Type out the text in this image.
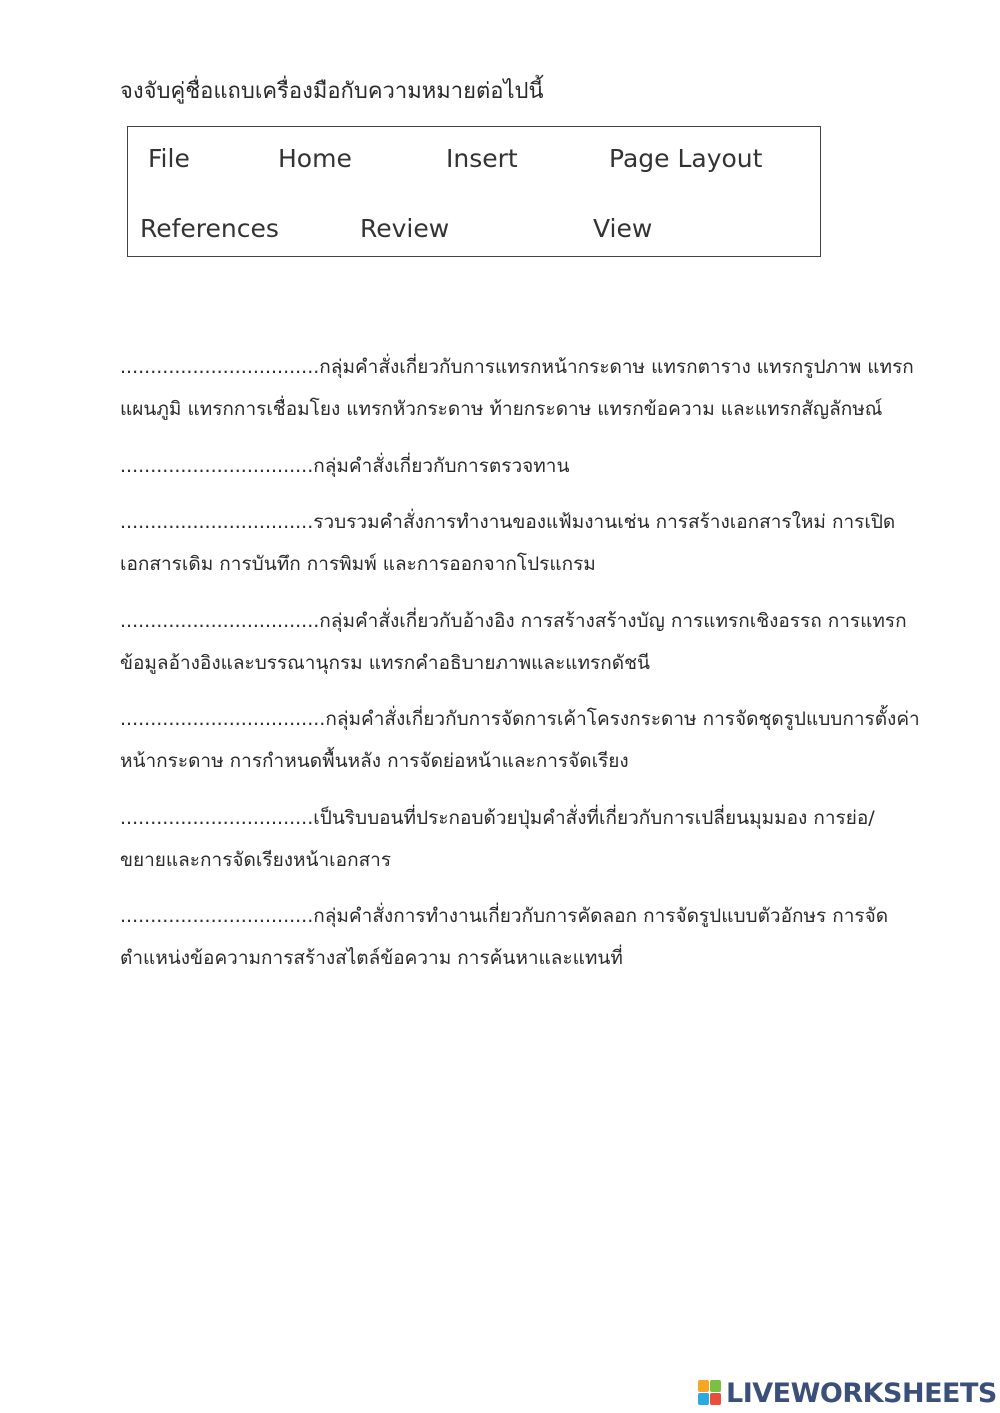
จงจับคู่ชื่อแถบเครื่องมือกับความหมายต่อไปนี้
File	Home	Insert	Page Layout
References	Review	View
.................................กลุ่มคำสั่งเกี่ยวกับการแทรกหน้ากระดาษ แทรกตาราง แทรกรูปภาพ แทรก
แผนภูมิ แทรกการเชื่อมโยง แทรกหัวกระดาษ ท้ายกระดาษ แทรกข้อความ และแทรกสัญลักษณ์
................................กลุ่มคำสั่งเกี่ยวกับการตรวจทาน
................................รวบรวมคำสั่งการทำงานของแฟ้มงานเช่น การสร้างเอกสารใหม่ การเปิด
เอกสารเดิม การบันทึก การพิมพ์ และการออกจากโปรแกรม
.................................กลุ่มคำสั่งเกี่ยวกับอ้างอิง การสร้างสร้างบัญ การแทรกเชิงอรรถ การแทรก
ข้อมูลอ้างอิงและบรรณานุกรม แทรกคำอธิบายภาพและแทรกดัชนี
..................................กลุ่มคำสั่งเกี่ยวกับการจัดการเค้าโครงกระดาษ การจัดชุดรูปแบบการตั้งค่า
หน้ากระดาษ การกำหนดพื้นหลัง การจัดย่อหน้าและการจัดเรียง
................................เป็นริบบอนที่ประกอบด้วยปุ่มคำสั่งที่เกี่ยวกับการเปลี่ยนมุมมอง การย่อ/
ขยายและการจัดเรียงหน้าเอกสาร
................................กลุ่มคำสั่งการทำงานเกี่ยวกับการคัดลอก การจัดรูปแบบตัวอักษร การจัด
ตำแหน่งข้อความการสร้างสไตล์ข้อความ การค้นหาและแทนที่
LIVEWORKSHEETS
